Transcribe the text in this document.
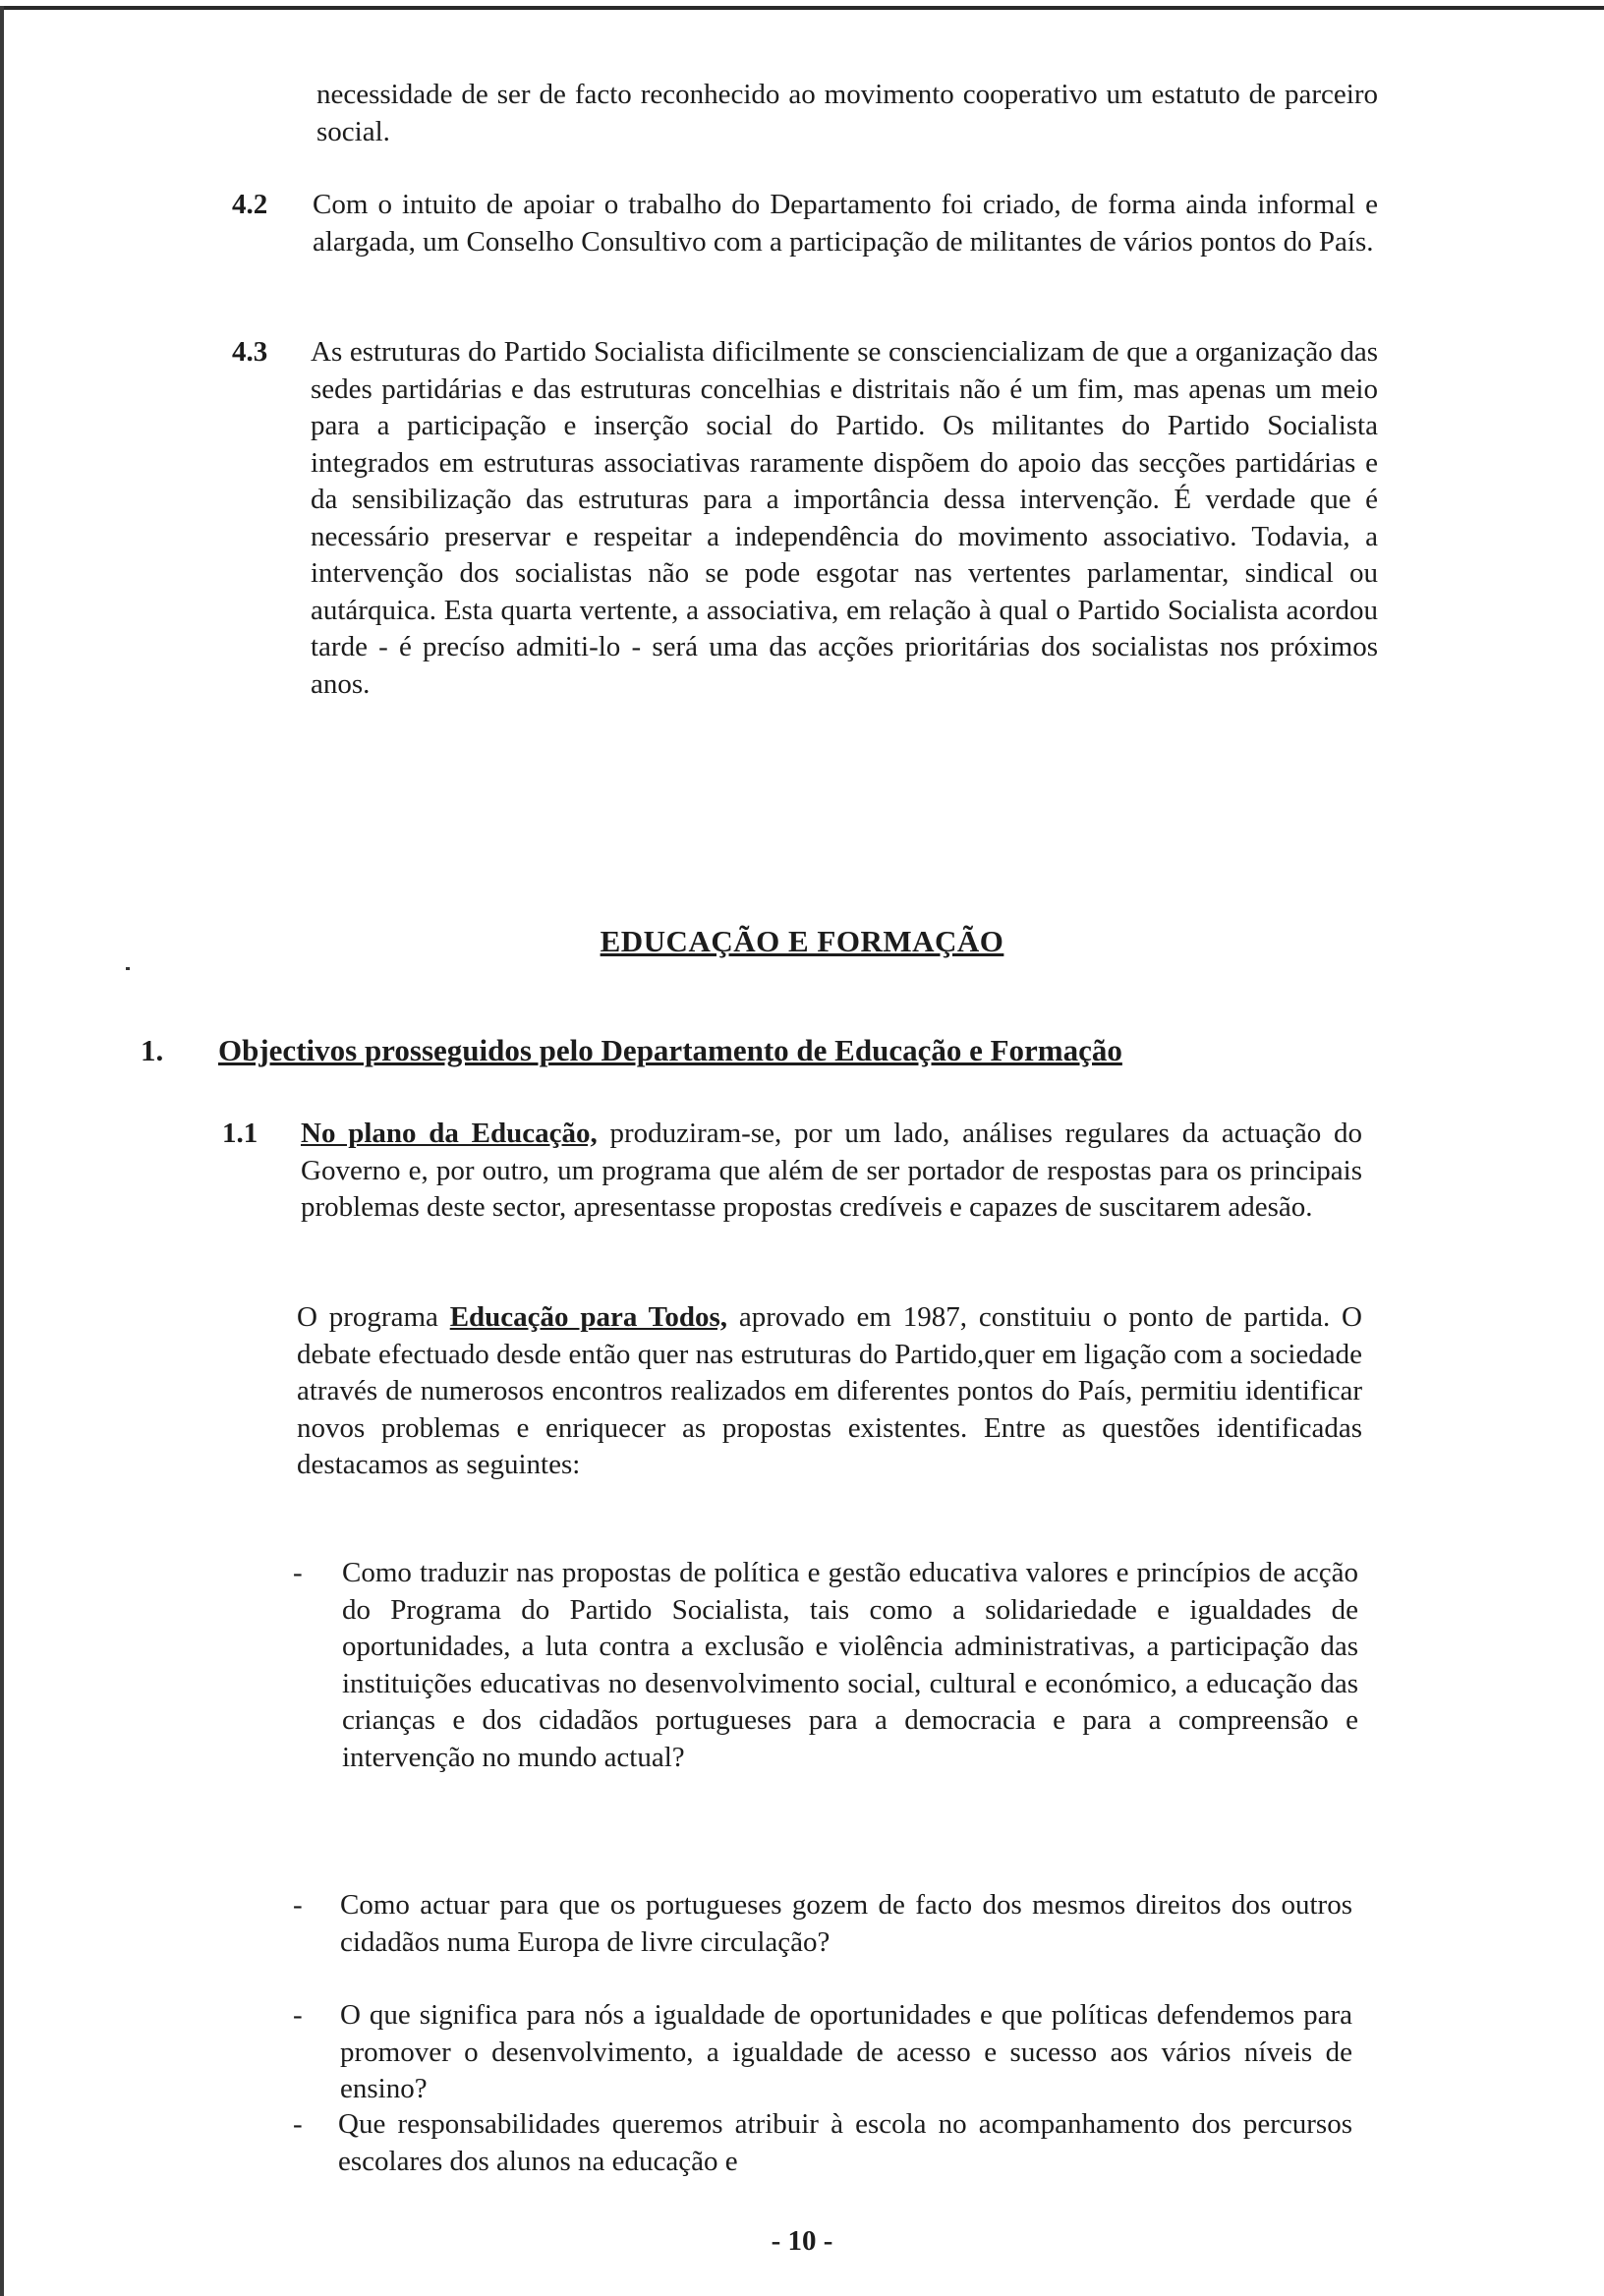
necessidade de ser de facto reconhecido ao movimento cooperativo um estatuto de parceiro social.
4.2 Com o intuito de apoiar o trabalho do Departamento foi criado, de forma ainda informal e alargada, um Conselho Consultivo com a participação de militantes de vários pontos do País.
4.3 As estruturas do Partido Socialista dificilmente se consciencializam de que a organização das sedes partidárias e das estruturas concelhias e distritais não é um fim, mas apenas um meio para a participação e inserção social do Partido. Os militantes do Partido Socialista integrados em estruturas associativas raramente dispõem do apoio das secções partidárias e da sensibilização das estruturas para a importância dessa intervenção. É verdade que é necessário preservar e respeitar a independência do movimento associativo. Todavia, a intervenção dos socialistas não se pode esgotar nas vertentes parlamentar, sindical ou autárquica. Esta quarta vertente, a associativa, em relação à qual o Partido Socialista acordou tarde - é precíso admiti-lo - será uma das acções prioritárias dos socialistas nos próximos anos.
EDUCAÇÃO E FORMAÇÃO
1. Objectivos prosseguidos pelo Departamento de Educação e Formação
1.1 No plano da Educação, produziram-se, por um lado, análises regulares da actuação do Governo e, por outro, um programa que além de ser portador de respostas para os principais problemas deste sector, apresentasse propostas credíveis e capazes de suscitarem adesão.
O programa Educação para Todos, aprovado em 1987, constituiu o ponto de partida. O debate efectuado desde então quer nas estruturas do Partido,quer em ligação com a sociedade através de numerosos encontros realizados em diferentes pontos do País, permitiu identificar novos problemas e enriquecer as propostas existentes. Entre as questões identificadas destacamos as seguintes:
- Como traduzir nas propostas de política e gestão educativa valores e princípios de acção do Programa do Partido Socialista, tais como a solidariedade e igualdades de oportunidades, a luta contra a exclusão e violência administrativas, a participação das instituições educativas no desenvolvimento social, cultural e económico, a educação das crianças e dos cidadãos portugueses para a democracia e para a compreensão e intervenção no mundo actual?
- Como actuar para que os portugueses gozem de facto dos mesmos direitos dos outros cidadãos numa Europa de livre circulação?
- O que significa para nós a igualdade de oportunidades e que políticas defendemos para promover o desenvolvimento, a igualdade de acesso e sucesso aos vários níveis de ensino?
- Que responsabilidades queremos atribuir à escola no acompanhamento dos percursos escolares dos alunos na educação e
- 10 -
